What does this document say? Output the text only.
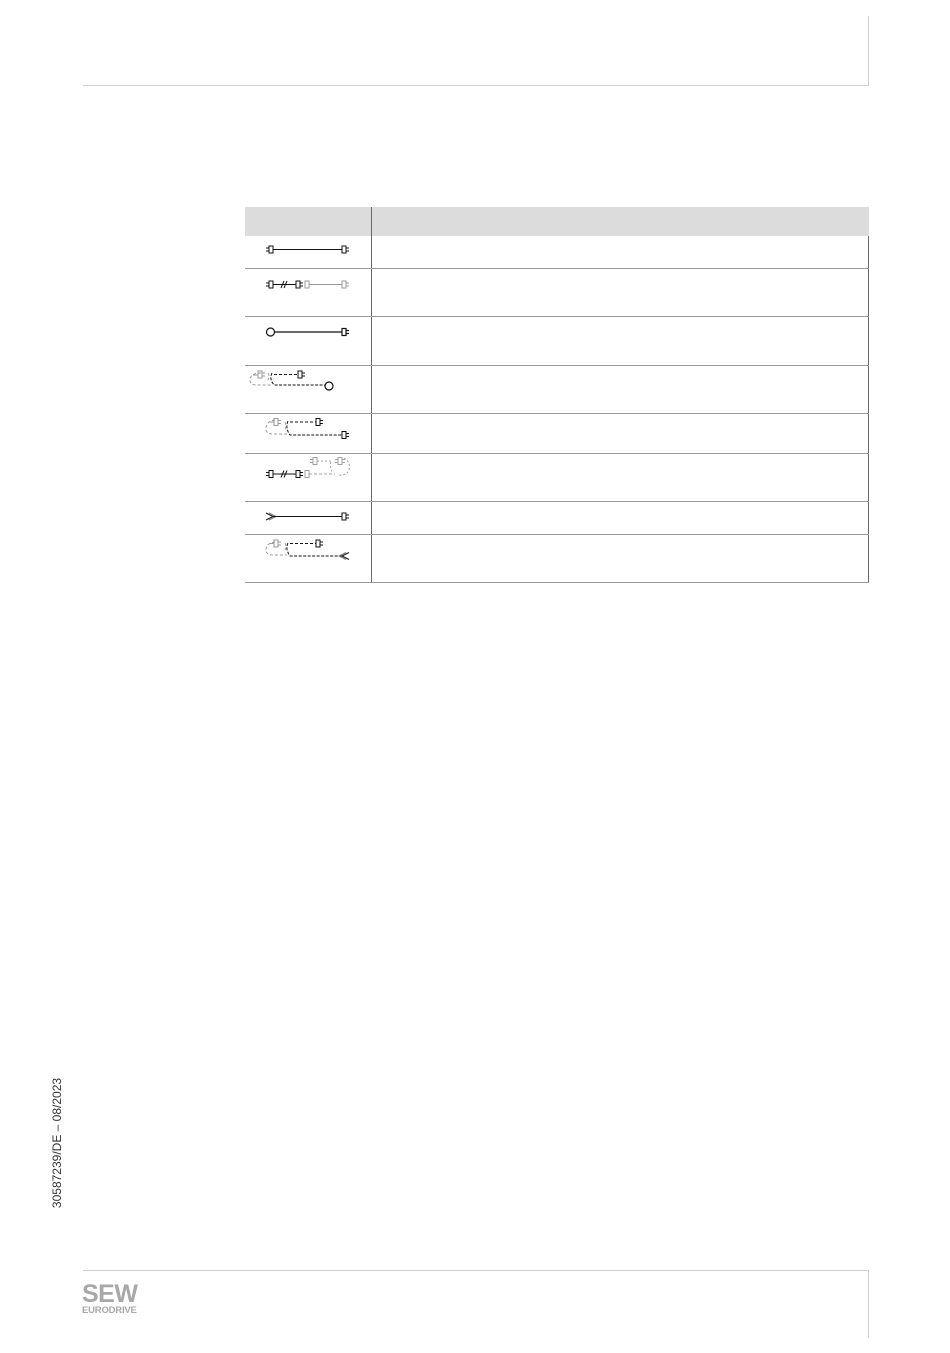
30587239/DE – 08/2023
SEW
EURODRIVE
